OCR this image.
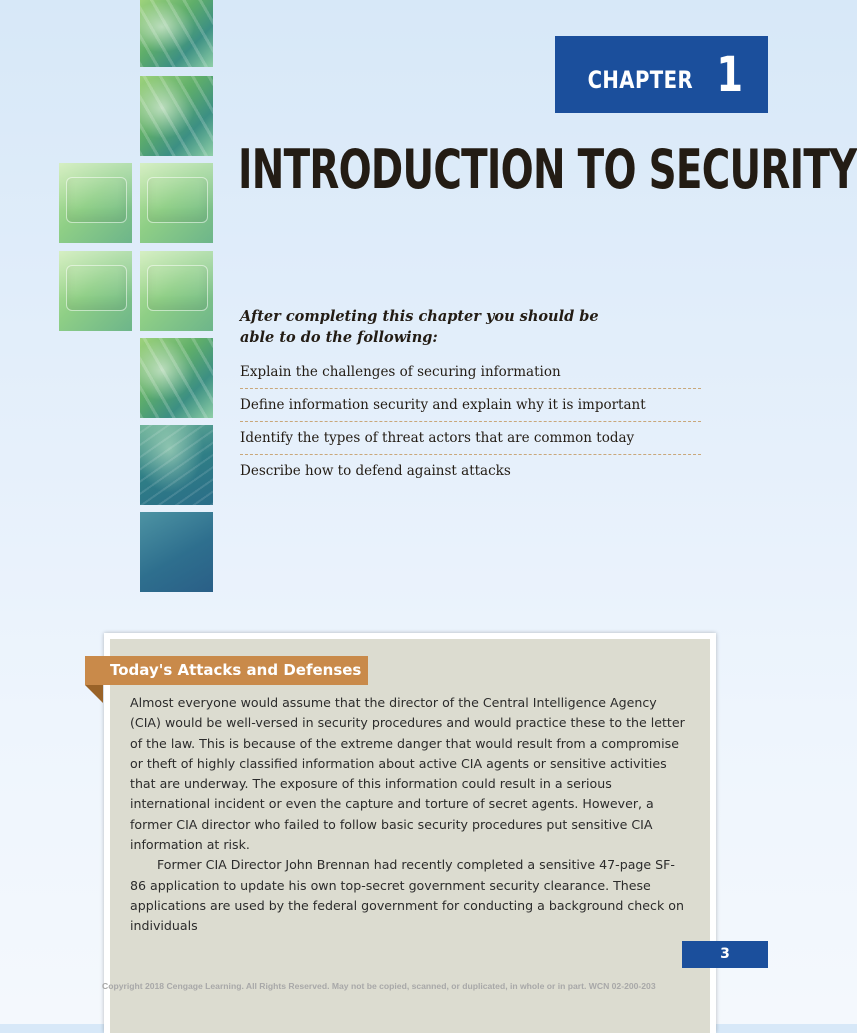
CHAPTER 1
INTRODUCTION TO SECURITY

After completing this chapter you should be able to do the following:

Explain the challenges of securing information
Define information security and explain why it is important
Identify the types of threat actors that are common today
Describe how to defend against attacks
Today's Attacks and Defenses

Almost everyone would assume that the director of the Central Intelligence Agency (CIA) would be well-versed in security procedures and would practice these to the letter of the law. This is because of the extreme danger that would result from a compromise or theft of highly classified information about active CIA agents or sensitive activities that are underway. The exposure of this information could result in a serious international incident or even the capture and torture of secret agents. However, a former CIA director who failed to follow basic security procedures put sensitive CIA information at risk.

Former CIA Director John Brennan had recently completed a sensitive 47-page SF-86 application to update his own top-secret government security clearance. These applications are used by the federal government for conducting a background check on individuals

3
Copyright 2018 Cengage Learning. All Rights Reserved. May not be copied, scanned, or duplicated, in whole or in part. WCN 02-200-203
